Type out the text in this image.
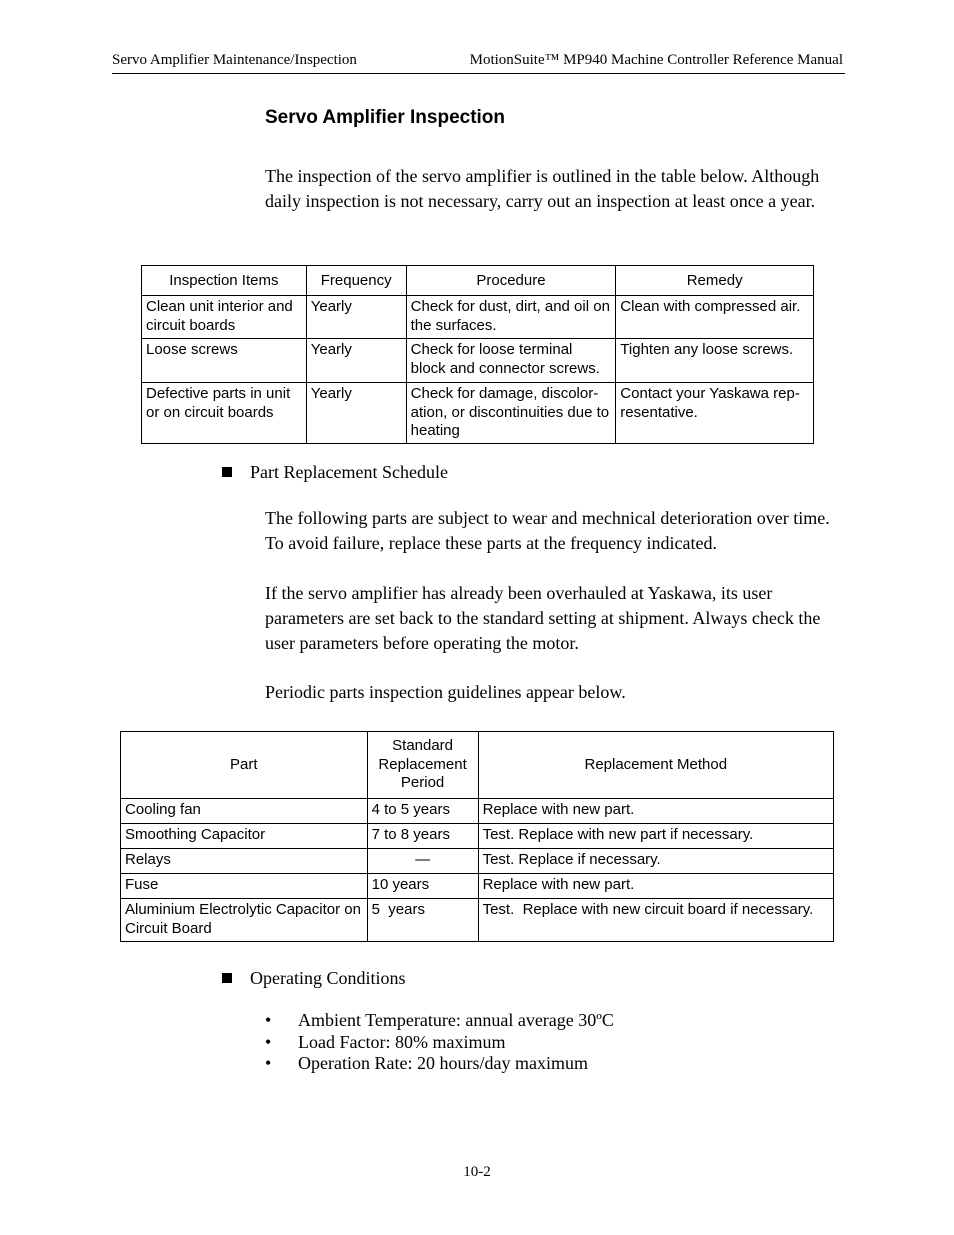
Servo Amplifier Maintenance/Inspection	MotionSuite™ MP940 Machine Controller Reference Manual
Servo Amplifier Inspection
The inspection of the servo amplifier is outlined in the table below. Although daily inspection is not necessary, carry out an inspection at least once a year.
Inspection Items	Frequency	Procedure	Remedy
Clean unit interior and circuit boards	Yearly	Check for dust, dirt, and oil on the surfaces.	Clean with compressed air.
Loose screws	Yearly	Check for loose terminal block and connector screws.	Tighten any loose screws.
Defective parts in unit or on circuit boards	Yearly	Check for damage, discolor-ation, or discontinuities due to heating	Contact your Yaskawa rep-resentative.
Part Replacement Schedule
The following parts are subject to wear and mechnical deterioration over time. To avoid failure, replace these parts at the frequency indicated.
If the servo amplifier has already been overhauled at Yaskawa, its user parameters are set back to the standard setting at shipment. Always check the user parameters before operating the motor.
Periodic parts inspection guidelines appear below.
Part	Standard Replacement Period	Replacement Method
Cooling fan	4 to 5 years	Replace with new part.
Smoothing Capacitor	7 to 8 years	Test. Replace with new part if necessary.
Relays	—	Test. Replace if necessary.
Fuse	10 years	Replace with new part.
Aluminium Electrolytic Capacitor on Circuit Board	5  years	Test.  Replace with new circuit board if necessary.
Operating Conditions
• Ambient Temperature: annual average 30ºC
• Load Factor: 80% maximum
• Operation Rate: 20 hours/day maximum
10-2
